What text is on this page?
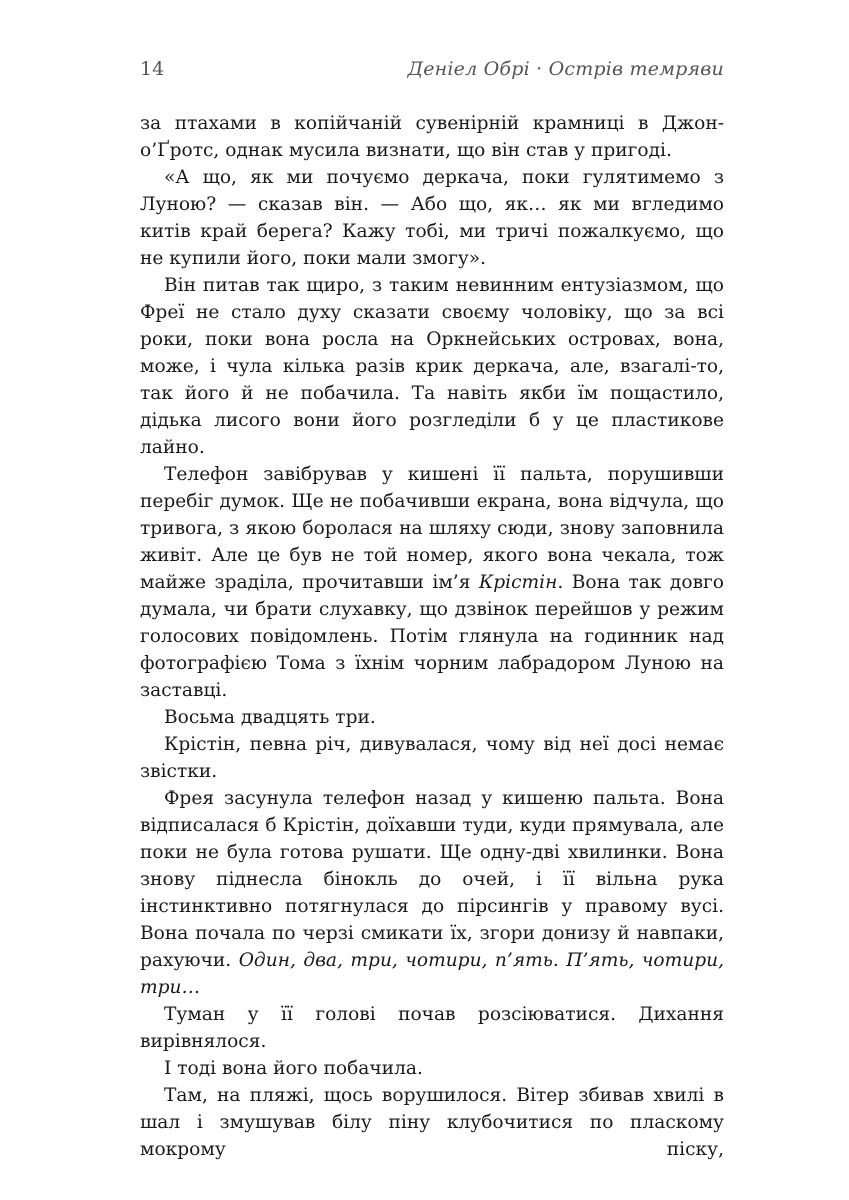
14	Деніел Обрі · Острів темряви

за птахами в копійчаній сувенірній крамниці в Джон-о’Ґротс, однак мусила визнати, що він став у пригоді.

«А що, як ми почуємо деркача, поки гулятимемо з Луною? — сказав він. — Або що, як… як ми вгледимо китів край берега? Кажу тобі, ми тричі пожалкуємо, що не купили його, поки мали змогу».

Він питав так щиро, з таким невинним ентузіазмом, що Фреї не стало духу сказати своєму чоловіку, що за всі роки, поки вона росла на Оркнейських островах, вона, може, і чула кілька разів крик деркача, але, взагалі-то, так його й не побачила. Та навіть якби їм пощастило, дідька лисого вони його розгледіли б у це пластикове лайно.

Телефон завібрував у кишені її пальта, порушивши перебіг думок. Ще не побачивши екрана, вона відчула, що тривога, з якою боролася на шляху сюди, знову заповнила живіт. Але це був не той номер, якого вона чекала, тож майже зраділа, прочитавши ім’я Крістін. Вона так довго думала, чи брати слухавку, що дзвінок перейшов у режим голосових повідомлень. Потім глянула на годинник над фотографією Тома з їхнім чорним лабрадором Луною на заставці.

Восьма двадцять три.

Крістін, певна річ, дивувалася, чому від неї досі немає звістки.

Фрея засунула телефон назад у кишеню пальта. Вона відписалася б Крістін, доїхавши туди, куди прямувала, але поки не була готова рушати. Ще одну-дві хвилинки. Вона знову піднесла бінокль до очей, і її вільна рука інстинктивно потягнулася до пірсингів у правому вусі. Вона почала по черзі смикати їх, згори донизу й навпаки, рахуючи. Один, два, три, чотири, п’ять. П’ять, чотири, три…

Туман у її голові почав розсіюватися. Дихання вирівнялося.

І тоді вона його побачила.

Там, на пляжі, щось ворушилося. Вітер збивав хвилі в шал і змушував білу піну клубочитися по пласкому мокрому піску,
